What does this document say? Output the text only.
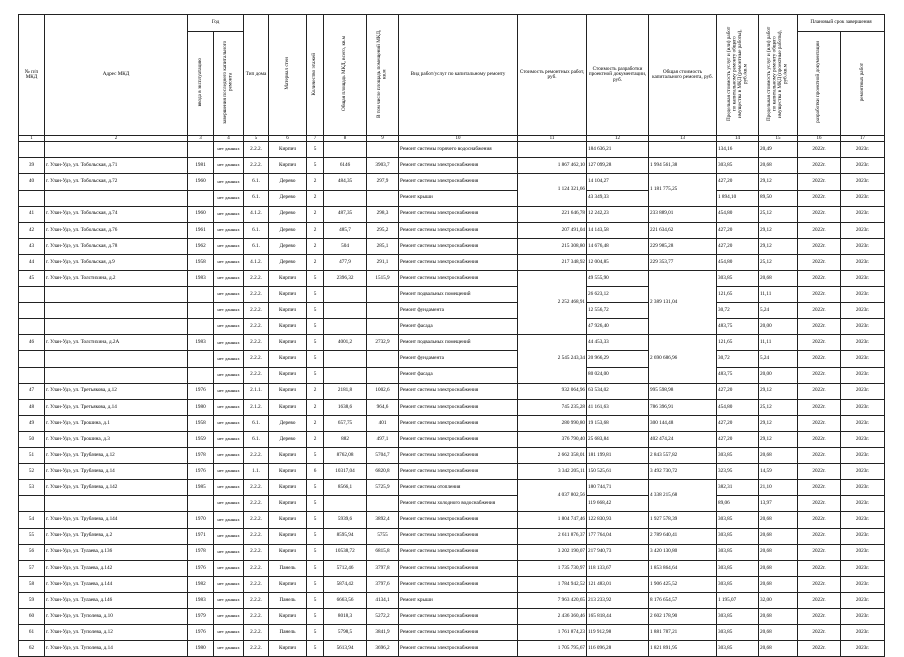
№ п/п МКД	Адрес МКД	Год		Тип дома	Материал стен	Количество этажей	Общая площадь МКД, всего, кв.м	В том числе площадь помещений МКД, кв.м	Вид работ/услуг по капитальному ремонту	Стоимость ремонтных работ, руб.	Стоимость разработки проектной документации, руб.	Общая стоимость капитального ремонта, руб.	Предельная стоимость услуг и (или) работ по капитальному ремонту общего имущества в МКД (ремонтные работы), руб./кв.м	Предельная стоимость услуг и (или) работ по капитальному ремонту общего имущества в МКД (проектные работы), руб./кв.м	Плановый срок завершения	
		ввода в эксплуатацию	завершения последнего капитального ремонта												разработки проектной документации	ремонтных работ
1	2	3	4	5	6	7	8	9	10	11	12	13	14	15	16	17
			нет данных	2.2.2.	Кирпич	5			Ремонт системы горячего водоснабжения		184 636,21		134,16	20,49	2022г.	2023г.
39	г. Улан-Удэ, ул. Тобольская, д.71	1981	нет данных	2.2.2.	Кирпич	5	6146	3903,7	Ремонт системы электроснабжения	1 867 462,10	127 099,28	1 994 561,38	303,85	20,68	2022г.	2023г.
40	г. Улан-Удэ, ул. Тобольская, д.72	1960	нет данных	6.1.	Дерево	2	484,35	297,9	Ремонт системы электроснабжения	1 124 321,66	14 104,27	1 181 775,25	427,20	29,12	2022г.	2023г.
			нет данных	6.1.	Дерево	2			Ремонт крыши		43 349,33		1 894,10	89,50	2022г.	2023г.
41	г. Улан-Удэ, ул. Тобольская, д.74	1960	нет данных	4.1.2.	Дерево	2	487,35	298,3	Ремонт системы электроснабжения	221 646,78	12 242,23	233 889,01	454,80	25,12	2022г.	2023г.
42	г. Улан-Удэ, ул. Тобольская, д.76	1961	нет данных	6.1.	Дерево	2	485,7	295,2	Ремонт системы электроснабжения	207 491,04	14 143,58	221 634,62	427,20	29,12	2022г.	2023г.
43	г. Улан-Удэ, ул. Тобольская, д.78	1962	нет данных	6.1.	Дерево	2	504	285,1	Ремонт системы электроснабжения	215 308,80	14 676,48	229 985,28	427,20	29,12	2022г.	2023г.
44	г. Улан-Удэ, ул. Тобольская, д.9	1958	нет данных	4.1.2.	Дерево	2	477,9	291,1	Ремонт системы электроснабжения	217 348,92	12 004,85	229 353,77	454,80	25,12	2022г.	2023г.
45	г. Улан-Удэ, ул. Толстихина, д.2	1983	нет данных	2.2.2.	Кирпич	5	2396,32	1515,9	Ремонт системы электроснабжения	2 252 468,91	49 555,90	2 389 131,04	303,85	20,68	2022г.	2023г.
			нет данных	2.2.2.	Кирпич	5			Ремонт подвальных помещений		26 623,12		121,65	11,11	2022г.	2023г.
			нет данных	2.2.2.	Кирпич	5			Ремонт фундамента		12 556,72		30,72	5,24	2022г.	2023г.
			нет данных	2.2.2.	Кирпич	5			Ремонт фасада		47 926,40		483,75	20,00	2022г.	2023г.
46	г. Улан-Удэ, ул. Толстихина, д.2А	1983	нет данных	2.2.2.	Кирпич	5	4001,2	2732,9	Ремонт подвальных помещений	2 545 243,34	44 453,33	2 690 686,96	121,65	11,11	2022г.	2023г.
			нет данных	2.2.2.	Кирпич	5			Ремонт фундамента		20 966,29		30,72	5,24	2022г.	2023г.
			нет данных	2.2.2.	Кирпич	5			Ремонт фасада		80 024,00		483,75	20,00	2022г.	2023г.
47	г. Улан-Удэ, ул. Третьякова, д.12	1976	нет данных	2.1.1.	Кирпич	2	2181,8	1002,6	Ремонт системы электроснабжения	932 064,96	63 534,02	995 598,98	427,20	29,12	2022г.	2023г.
48	г. Улан-Удэ, ул. Третьякова, д.14	1980	нет данных	2.1.2.	Кирпич	2	1638,6	964,6	Ремонт системы электроснабжения	745 235,28	41 161,63	786 396,91	454,80	25,12	2022г.	2023г.
49	г. Улан-Удэ, ул. Трошина, д.1	1958	нет данных	6.1.	Дерево	2	657,75	401	Ремонт системы электроснабжения	280 990,80	19 153,68	300 144,48	427,20	29,12	2022г.	2023г.
50	г. Улан-Удэ, ул. Трошина, д.3	1959	нет данных	6.1.	Дерево	2	882	497,1	Ремонт системы электроснабжения	376 790,40	25 683,84	402 474,24	427,20	29,12	2022г.	2023г.
51	г. Улан-Удэ, ул. Трубачева, д.12	1978	нет данных	2.2.2.	Кирпич	5	8762,08	5704,7	Ремонт системы электроснабжения	2 662 358,01	181 199,81	2 843 557,82	303,85	20,68	2022г.	2023г.
52	г. Улан-Удэ, ул. Трубачева, д.14	1976	нет данных	1.1.	Кирпич	6	10317,04	6820,8	Ремонт системы электроснабжения	3 342 205,11	150 525,61	3 492 730,72	323,95	14,59	2022г.	2023г.
53	г. Улан-Удэ, ул. Трубачева, д.142	1985	нет данных	2.2.2.	Кирпич	5	8566,1	5725,9	Ремонт системы отопления	4 037 802,56	180 744,71	4 338 215,68	382,31	21,10	2022г.	2023г.
			нет данных	2.2.2.	Кирпич	5			Ремонт системы холодного водоснабжения		119 668,42		89,06	13,97	2022г.	2023г.
54	г. Улан-Удэ, ул. Трубачева, д.144	1970	нет данных	2.2.2.	Кирпич	5	5939,6	3892,4	Ремонт системы электроснабжения	1 804 747,46	122 830,93	1 927 578,39	303,85	20,68	2022г.	2023г.
55	г. Улан-Удэ, ул. Трубачева, д.2	1971	нет данных	2.2.2.	Кирпич	5	8595,94	5755	Ремонт системы электроснабжения	2 611 876,37	177 764,04	2 789 640,41	303,85	20,68	2022г.	2023г.
56	г. Улан-Удэ, ул. Тулаева, д.136	1978	нет данных	2.2.2.	Кирпич	5	10538,72	6815,8	Ремонт системы электроснабжения	3 202 190,07	217 940,73	3 420 130,80	303,85	20,68	2022г.	2023г.
57	г. Улан-Удэ, ул. Тулаева, д.142	1976	нет данных	2.2.2.	Панель	5	5712,46	3797,8	Ремонт системы электроснабжения	1 735 730,97	118 133,67	1 853 864,64	303,85	20,68	2022г.	2023г.
58	г. Улан-Удэ, ул. Тулаева, д.144	1982	нет данных	2.2.2.	Кирпич	5	5874,42	3797,6	Ремонт системы электроснабжения	1 784 942,52	121 483,01	1 906 425,52	303,85	20,68	2022г.	2023г.
59	г. Улан-Удэ, ул. Тулаева, д.146	1983	нет данных	2.2.2.	Панель	5	6663,56	4134,1	Ремонт крыши	7 963 420,65	213 233,92	8 176 654,57	1 195,07	32,00	2022г.	2023г.
60	г. Улан-Удэ, ул. Туполева, д.10	1979	нет данных	2.2.2.	Кирпич	5	8018,3	5272,2	Ремонт системы электроснабжения	2 436 360,46	165 818,44	2 602 178,90	303,85	20,68	2022г.	2023г.
61	г. Улан-Удэ, ул. Туполева, д.12	1976	нет данных	2.2.2.	Панель	5	5798,5	3841,9	Ремонт системы электроснабжения	1 761 874,23	119 912,98	1 881 787,21	303,85	20,68	2022г.	2023г.
62	г. Улан-Удэ, ул. Туполева, д.14	1980	нет данных	2.2.2.	Кирпич	5	5613,94	3696,2	Ремонт системы электроснабжения	1 705 795,67	116 096,28	1 821 891,95	303,85	20,68	2022г.	2023г.
